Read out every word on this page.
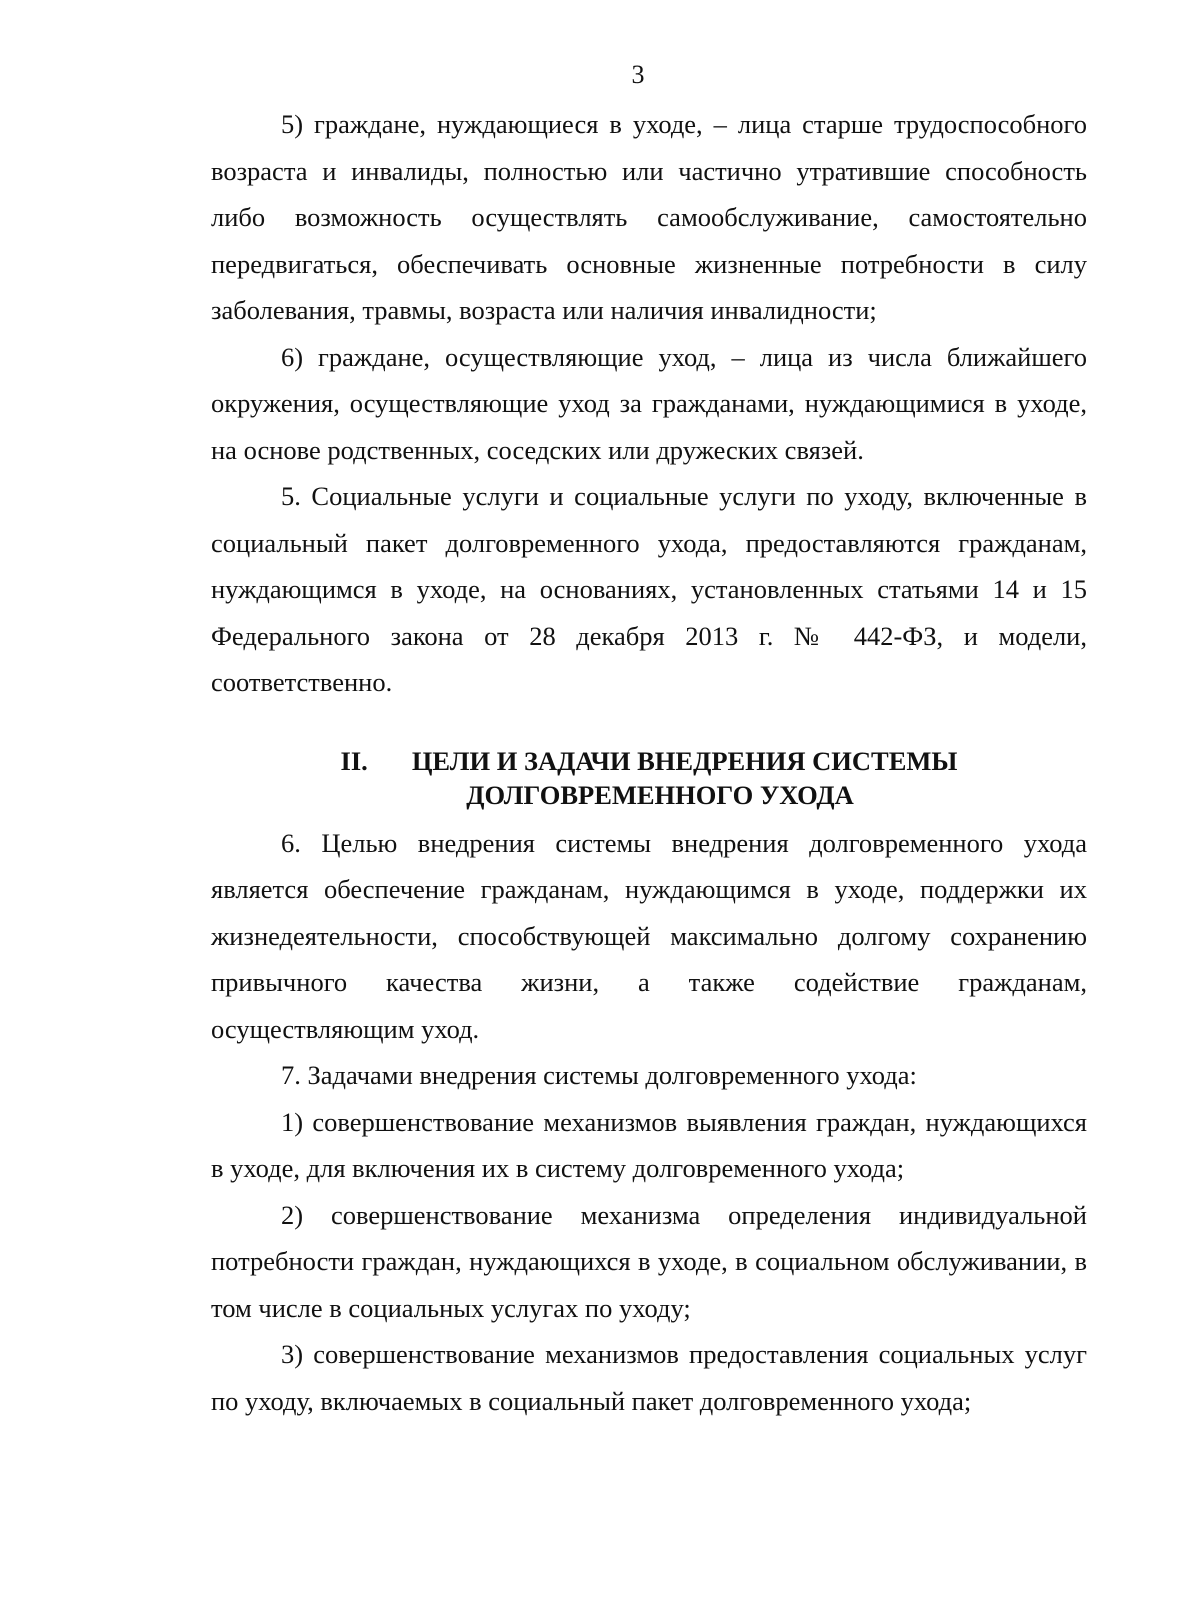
3

5) граждане, нуждающиеся в уходе, – лица старше трудоспособного возраста и инвалиды, полностью или частично утратившие способность либо возможность осуществлять самообслуживание, самостоятельно передвигаться, обеспечивать основные жизненные потребности в силу заболевания, травмы, возраста или наличия инвалидности;

6) граждане, осуществляющие уход, – лица из числа ближайшего окружения, осуществляющие уход за гражданами, нуждающимися в уходе, на основе родственных, соседских или дружеских связей.

5. Социальные услуги и социальные услуги по уходу, включенные в социальный пакет долговременного ухода, предоставляются гражданам, нуждающимся в уходе, на основаниях, установленных статьями 14 и 15 Федерального закона от 28 декабря 2013 г. № 442-ФЗ, и модели, соответственно.

II. ЦЕЛИ И ЗАДАЧИ ВНЕДРЕНИЯ СИСТЕМЫ
ДОЛГОВРЕМЕННОГО УХОДА

6. Целью внедрения системы внедрения долговременного ухода является обеспечение гражданам, нуждающимся в уходе, поддержки их жизнедеятельности, способствующей максимально долгому сохранению привычного качества жизни, а также содействие гражданам, осуществляющим уход.

7. Задачами внедрения системы долговременного ухода:

1) совершенствование механизмов выявления граждан, нуждающихся в уходе, для включения их в систему долговременного ухода;

2) совершенствование механизма определения индивидуальной потребности граждан, нуждающихся в уходе, в социальном обслуживании, в том числе в социальных услугах по уходу;

3) совершенствование механизмов предоставления социальных услуг по уходу, включаемых в социальный пакет долговременного ухода;
